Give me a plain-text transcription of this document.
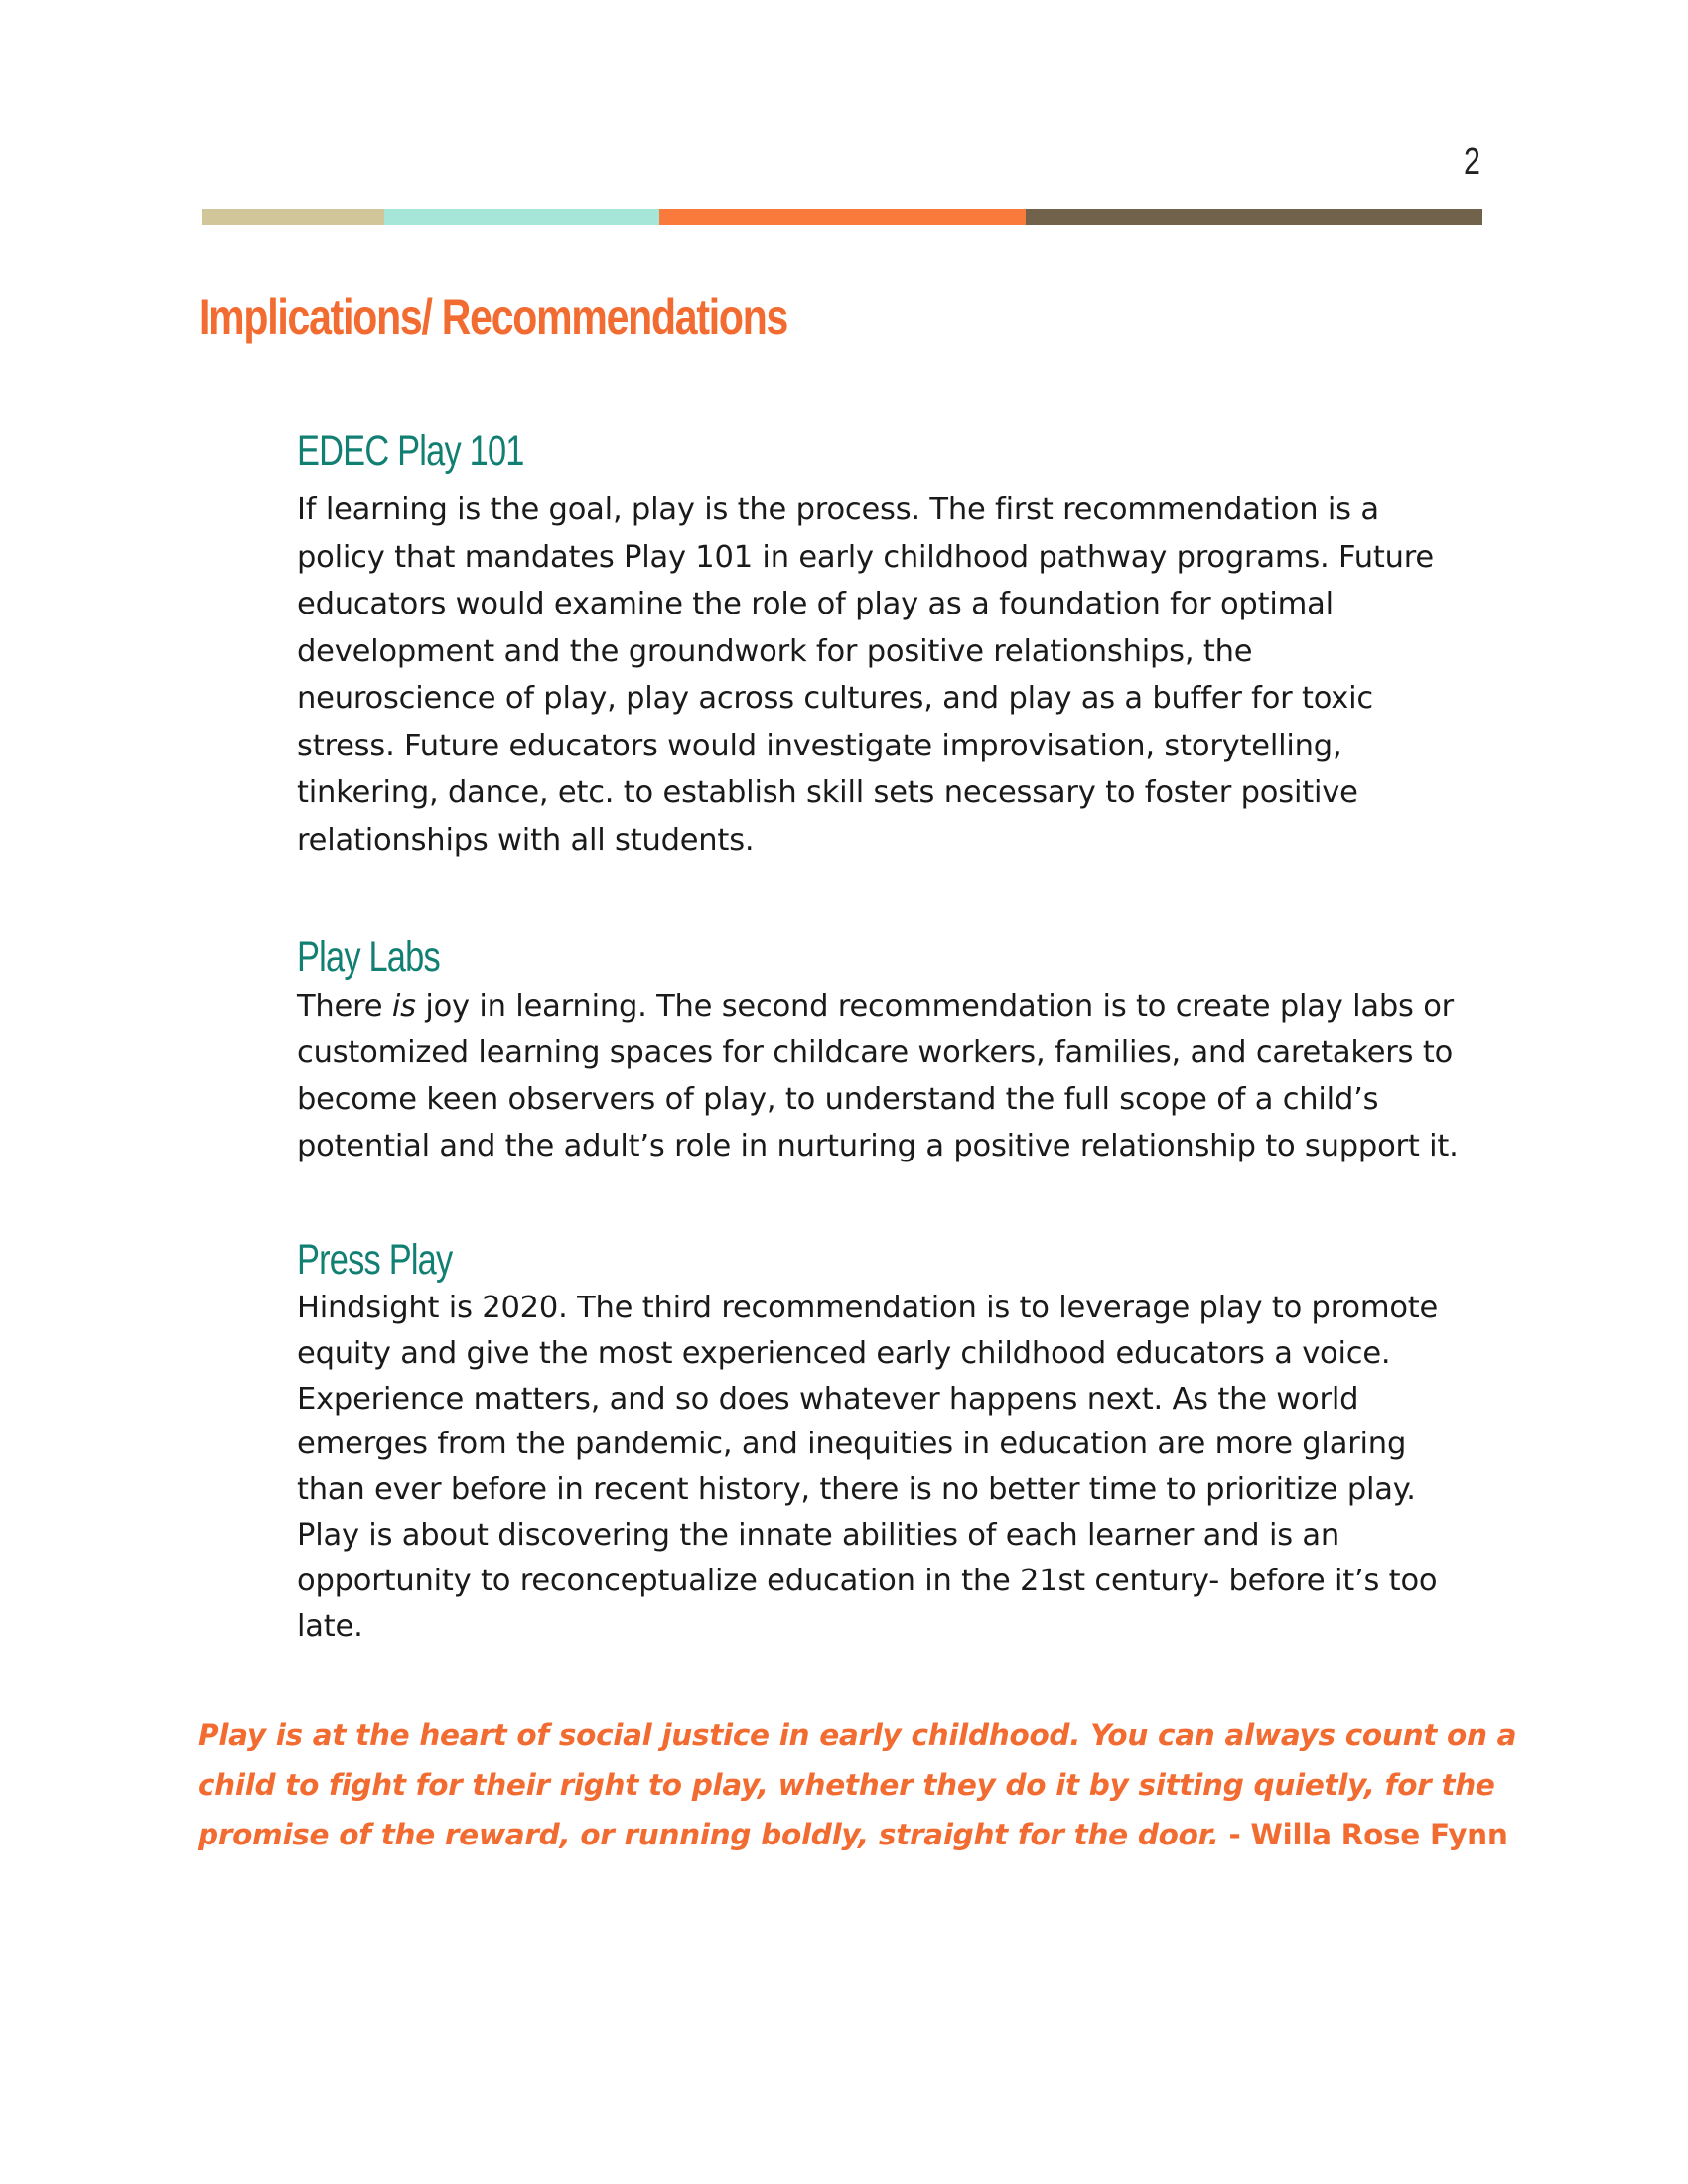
2
Implications/ Recommendations
EDEC Play 101

If learning is the goal, play is the process. The first recommendation is a
policy that mandates Play 101 in early childhood pathway programs. Future
educators would examine the role of play as a foundation for optimal
development and the groundwork for positive relationships, the
neuroscience of play, play across cultures, and play as a buffer for toxic
stress. Future educators would investigate improvisation, storytelling,
tinkering, dance, etc. to establish skill sets necessary to foster positive
relationships with all students.

Play Labs

There is joy in learning. The second recommendation is to create play labs or
customized learning spaces for childcare workers, families, and caretakers to
become keen observers of play, to understand the full scope of a child’s
potential and the adult’s role in nurturing a positive relationship to support it.

Press Play

Hindsight is 2020. The third recommendation is to leverage play to promote
equity and give the most experienced early childhood educators a voice.
Experience matters, and so does whatever happens next. As the world
emerges from the pandemic, and inequities in education are more glaring
than ever before in recent history, there is no better time to prioritize play.
Play is about discovering the innate abilities of each learner and is an
opportunity to reconceptualize education in the 21st century- before it’s too
late.

Play is at the heart of social justice in early childhood. You can always count on a
child to fight for their right to play, whether they do it by sitting quietly, for the
promise of the reward, or running boldly, straight for the door. - Willa Rose Fynn
